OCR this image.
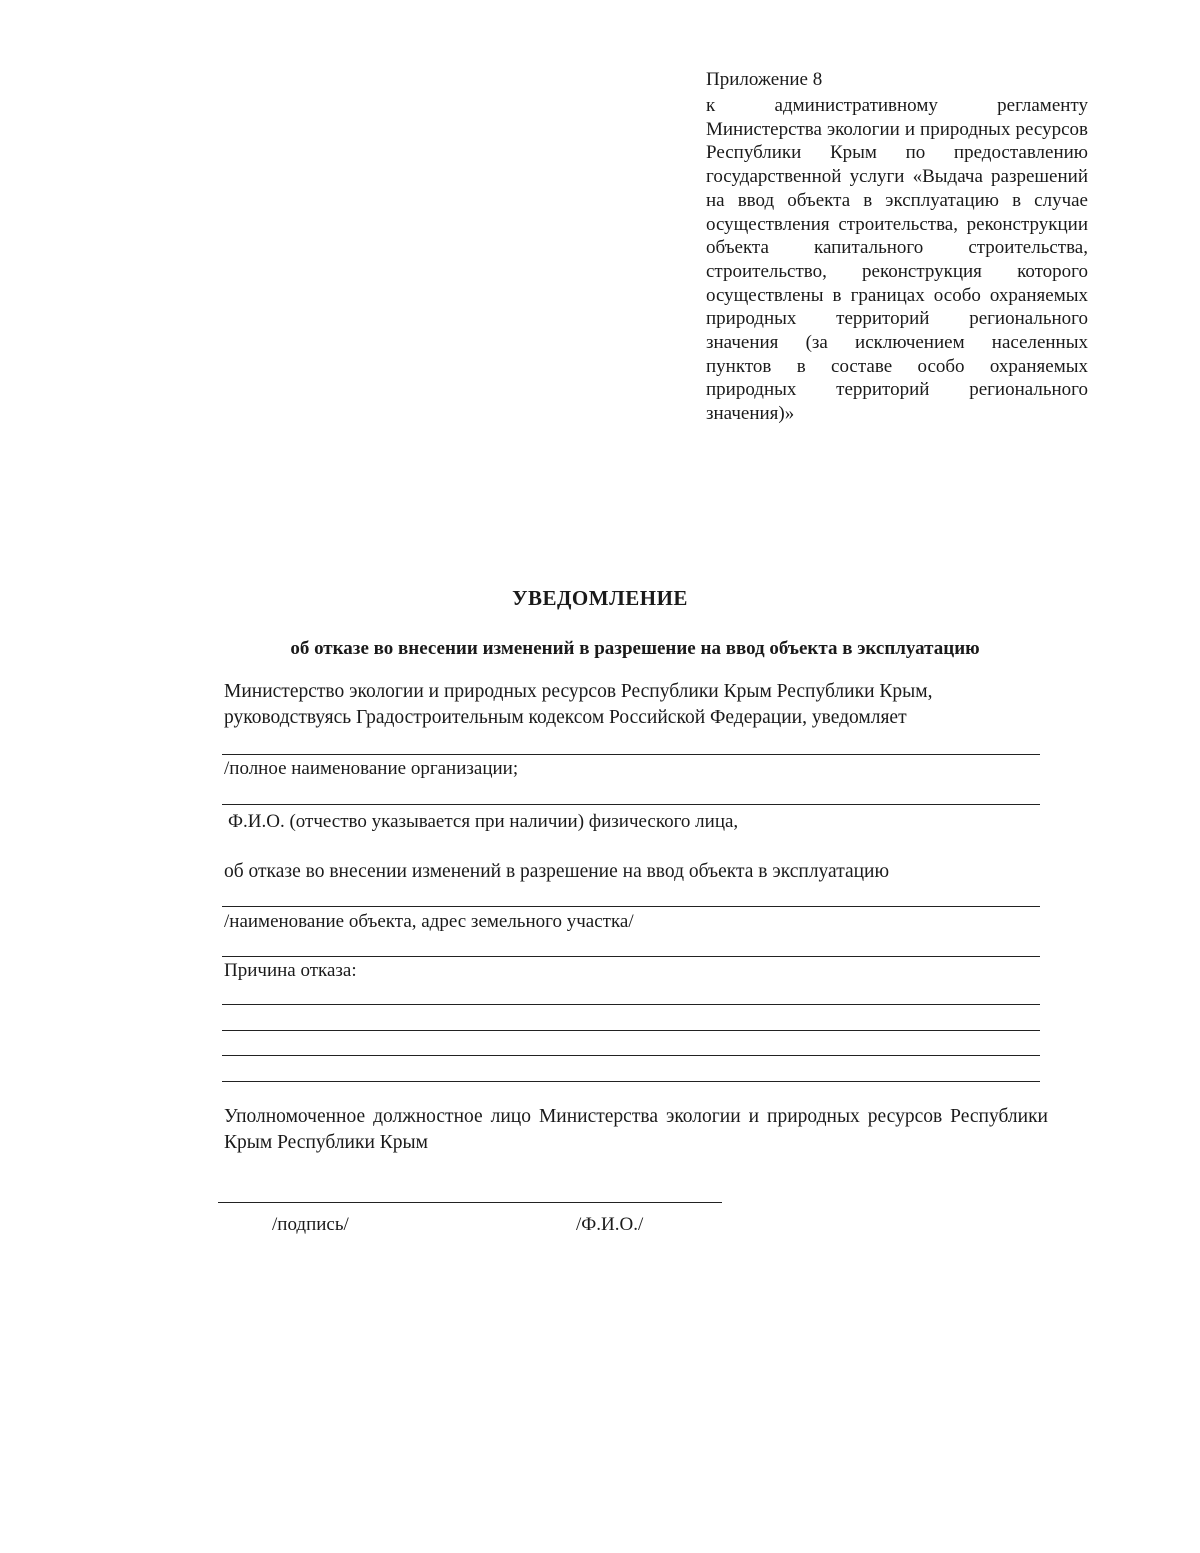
Приложение 8
к административному регламенту Министерства экологии и природных ресурсов Республики Крым по предоставлению государственной услуги «Выдача разрешений на ввод объекта в эксплуатацию в случае осуществления строительства, реконструкции объекта капитального строительства, строительство, реконструкция которого осуществлены в границах особо охраняемых природных территорий регионального значения (за исключением населенных пунктов в составе особо охраняемых природных территорий регионального значения)»
УВЕДОМЛЕНИЕ
об отказе во внесении изменений в разрешение на ввод объекта в эксплуатацию
Министерство экологии и природных ресурсов Республики Крым Республики Крым, руководствуясь Градостроительным кодексом Российской Федерации, уведомляет
/полное наименование организации;
Ф.И.О. (отчество указывается при наличии) физического лица,
об отказе во внесении изменений в разрешение на ввод объекта в эксплуатацию
/наименование объекта, адрес земельного участка/
Причина отказа:
Уполномоченное должностное лицо Министерства экологии и природных ресурсов Республики Крым Республики Крым
/подпись/	/Ф.И.О./
